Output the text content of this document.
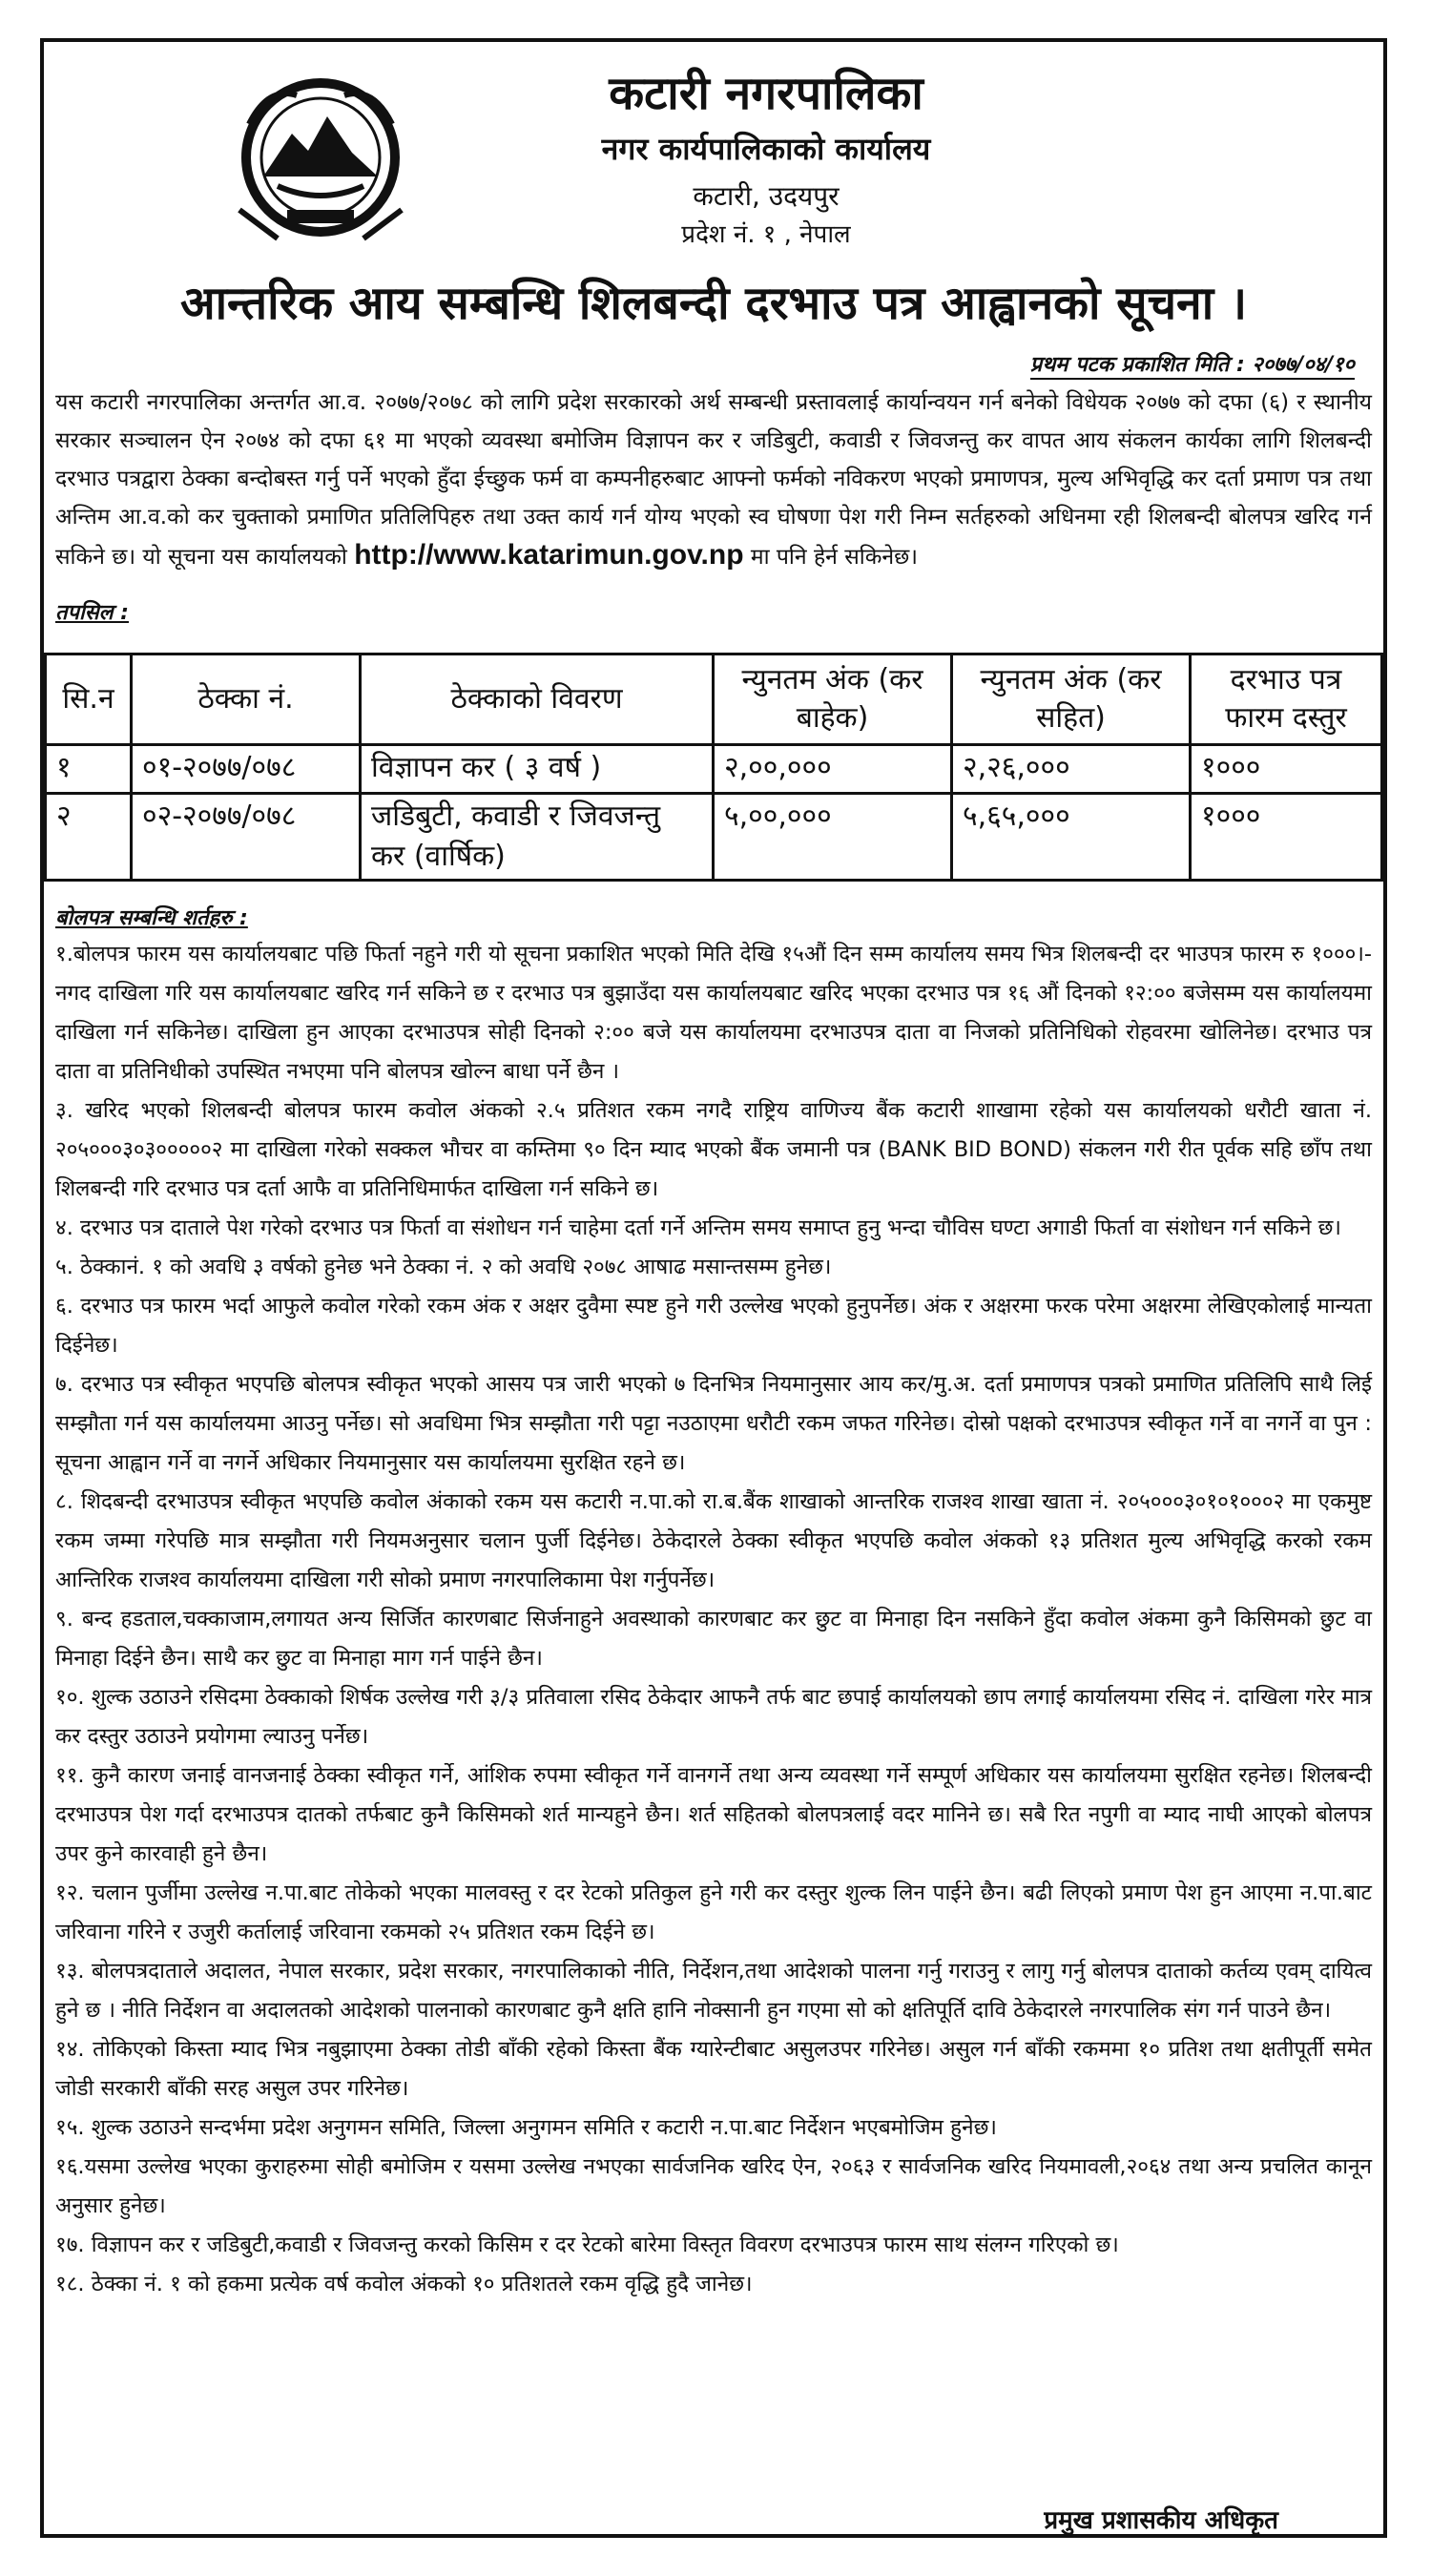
कटारी नगरपालिका
नगर कार्यपालिकाको कार्यालय
कटारी, उदयपुर
प्रदेश नं. १ , नेपाल
आन्तरिक आय सम्बन्धि शिलबन्दी दरभाउ पत्र आह्वानको सूचना ।
प्रथम पटक प्रकाशित मिति : २०७७/०४/१०
यस कटारी नगरपालिका अन्तर्गत आ.व. २०७७/२०७८ को लागि प्रदेश सरकारको अर्थ सम्बन्धी प्रस्तावलाई कार्यान्वयन गर्न बनेको विधेयक २०७७ को दफा (६) र स्थानीय सरकार सञ्चालन ऐन २०७४ को दफा ६१ मा भएको व्यवस्था बमोजिम विज्ञापन कर र जडिबुटी, कवाडी र जिवजन्तु कर वापत आय संकलन कार्यका लागि शिलबन्दी दरभाउ पत्रद्वारा ठेक्का बन्दोबस्त गर्नु पर्ने भएको हुँदा ईच्छुक फर्म वा कम्पनीहरुबाट आफ्नो फर्मको नविकरण भएको प्रमाणपत्र, मुल्य अभिवृद्धि कर दर्ता प्रमाण पत्र तथा अन्तिम आ.व.को कर चुक्ताको प्रमाणित प्रतिलिपिहरु तथा उक्त कार्य गर्न योग्य भएको स्व घोषणा पेश गरी निम्न सर्तहरुको अधिनमा रही शिलबन्दी बोलपत्र खरिद गर्न सकिने छ। यो सूचना यस कार्यालयको http://www.katarimun.gov.np मा पनि हेर्न सकिनेछ।
तपसिल :
सि.न	ठेक्का नं.	ठेक्काको विवरण	न्युनतम अंक (कर बाहेक)	न्युनतम अंक (कर सहित)	दरभाउ पत्र फारम दस्तुर
१	०१-२०७७/०७८	विज्ञापन कर ( ३ वर्ष )	२,००,०००	२,२६,०००	१०००
२	०२-२०७७/०७८	जडिबुटी, कवाडी र जिवजन्तु कर (वार्षिक)	५,००,०००	५,६५,०००	१०००
बोलपत्र सम्बन्धि शर्तहरु :

१.बोलपत्र फारम यस कार्यालयबाट पछि फिर्ता नहुने गरी यो सूचना प्रकाशित भएको मिति देखि १५औं दिन सम्म कार्यालय समय भित्र शिलबन्दी दर भाउपत्र फारम रु १०००।- नगद दाखिला गरि यस कार्यालयबाट खरिद गर्न सकिने छ र दरभाउ पत्र बुझाउँदा यस कार्यालयबाट खरिद भएका दरभाउ पत्र १६ औं दिनको १२:०० बजेसम्म यस कार्यालयमा दाखिला गर्न सकिनेछ। दाखिला हुन आएका दरभाउपत्र सोही दिनको २:०० बजे यस कार्यालयमा दरभाउपत्र दाता वा निजको प्रतिनिधिको रोहवरमा खोलिनेछ। दरभाउ पत्र दाता वा प्रतिनिधीको उपस्थित नभएमा पनि बोलपत्र खोल्न बाधा पर्ने छैन ।

३. खरिद भएको शिलबन्दी बोलपत्र फारम कवोल अंकको २.५ प्रतिशत रकम नगदै राष्ट्रिय वाणिज्य बैंक कटारी शाखामा रहेको यस कार्यालयको धरौटी खाता नं. २०५०००३०३०००००२ मा दाखिला गरेको सक्कल भौचर वा कम्तिमा ९० दिन म्याद भएको बैंक जमानी पत्र (BANK BID BOND) संकलन गरी रीत पूर्वक सहि छाँप तथा शिलबन्दी गरि दरभाउ पत्र दर्ता आफै वा प्रतिनिधिमार्फत दाखिला गर्न सकिने छ।

४. दरभाउ पत्र दाताले पेश गरेको दरभाउ पत्र फिर्ता वा संशोधन गर्न चाहेमा दर्ता गर्ने अन्तिम समय समाप्त हुनु भन्दा चौविस घण्टा अगाडी फिर्ता वा संशोधन गर्न सकिने छ।

५. ठेक्कानं. १ को अवधि ३ वर्षको हुनेछ भने ठेक्का नं. २ को अवधि २०७८ आषाढ मसान्तसम्म हुनेछ।

६. दरभाउ पत्र फारम भर्दा आफुले कवोल गरेको रकम अंक र अक्षर दुवैमा स्पष्ट हुने गरी उल्लेख भएको हुनुपर्नेछ। अंक र अक्षरमा फरक परेमा अक्षरमा लेखिएकोलाई मान्यता दिईनेछ।

७. दरभाउ पत्र स्वीकृत भएपछि बोलपत्र स्वीकृत भएको आसय पत्र जारी भएको ७ दिनभित्र नियमानुसार आय कर/मु.अ. दर्ता प्रमाणपत्र पत्रको प्रमाणित प्रतिलिपि साथै लिई सम्झौता गर्न यस कार्यालयमा आउनु पर्नेछ। सो अवधिमा भित्र सम्झौता गरी पट्टा नउठाएमा धरौटी रकम जफत गरिनेछ। दोस्रो पक्षको दरभाउपत्र स्वीकृत गर्ने वा नगर्ने वा पुन : सूचना आह्वान गर्ने वा नगर्ने अधिकार नियमानुसार यस कार्यालयमा सुरक्षित रहने छ।

८. शिदबन्दी दरभाउपत्र स्वीकृत भएपछि कवोल अंकाको रकम यस कटारी न.पा.को रा.ब.बैंक शाखाको आन्तरिक राजश्व शाखा खाता नं. २०५०००३०१०१०००२ मा एकमुष्ट रकम जम्मा गरेपछि मात्र सम्झौता गरी नियमअनुसार चलान पुर्जी दिईनेछ। ठेकेदारले ठेक्का स्वीकृत भएपछि कवोल अंकको १३ प्रतिशत मुल्य अभिवृद्धि करको रकम आन्तिरिक राजश्व कार्यालयमा दाखिला गरी सोको प्रमाण नगरपालिकामा पेश गर्नुपर्नेछ।

९. बन्द हडताल,चक्काजाम,लगायत अन्य सिर्जित कारणबाट सिर्जनाहुने अवस्थाको कारणबाट कर छुट वा मिनाहा दिन नसकिने हुँदा कवोल अंकमा कुनै किसिमको छुट वा मिनाहा दिईने छैन। साथै कर छुट वा मिनाहा माग गर्न पाईने छैन।

१०. शुल्क उठाउने रसिदमा ठेक्काको शिर्षक उल्लेख गरी ३/३ प्रतिवाला रसिद ठेकेदार आफनै तर्फ बाट छपाई कार्यालयको छाप लगाई कार्यालयमा रसिद नं. दाखिला गरेर मात्र कर दस्तुर उठाउने प्रयोगमा ल्याउनु पर्नेछ।

११. कुनै कारण जनाई वानजनाई ठेक्का स्वीकृत गर्ने, आंशिक रुपमा स्वीकृत गर्ने वानगर्ने तथा अन्य व्यवस्था गर्ने सम्पूर्ण अधिकार यस कार्यालयमा सुरक्षित रहनेछ। शिलबन्दी दरभाउपत्र पेश गर्दा दरभाउपत्र दातको तर्फबाट कुनै किसिमको शर्त मान्यहुने छैन। शर्त सहितको बोलपत्रलाई वदर मानिने छ। सबै रित नपुगी वा म्याद नाघी आएको बोलपत्र उपर कुने कारवाही हुने छैन।

१२. चलान पुर्जीमा उल्लेख न.पा.बाट तोकेको भएका मालवस्तु र दर रेटको प्रतिकुल हुने गरी कर दस्तुर शुल्क लिन पाईने छैन। बढी लिएको प्रमाण पेश हुन आएमा न.पा.बाट जरिवाना गरिने र उजुरी कर्तालाई जरिवाना रकमको २५ प्रतिशत रकम दिईने छ।

१३. बोलपत्रदाताले अदालत, नेपाल सरकार, प्रदेश सरकार, नगरपालिकाको नीति, निर्देशन,तथा आदेशको पालना गर्नु गराउनु र लागु गर्नु बोलपत्र दाताको कर्तव्य एवम् दायित्व हुने छ । नीति निर्देशन वा अदालतको आदेशको पालनाको कारणबाट कुनै क्षति हानि नोक्सानी हुन गएमा सो को क्षतिपूर्ति दावि ठेकेदारले नगरपालिक संग गर्न पाउने छैन।

१४. तोकिएको किस्ता म्याद भित्र नबुझाएमा ठेक्का तोडी बाँकी रहेको किस्ता बैंक ग्यारेन्टीबाट असुलउपर गरिनेछ। असुल गर्न बाँकी रकममा १० प्रतिश तथा क्षतीपूर्ती समेत जोडी सरकारी बाँकी सरह असुल उपर गरिनेछ।

१५. शुल्क उठाउने सन्दर्भमा प्रदेश अनुगमन समिति, जिल्ला अनुगमन समिति र कटारी न.पा.बाट निर्देशन भएबमोजिम हुनेछ।

१६.यसमा उल्लेख भएका कुराहरुमा सोही बमोजिम र यसमा उल्लेख नभएका सार्वजनिक खरिद ऐन, २०६३ र सार्वजनिक खरिद नियमावली,२०६४ तथा अन्य प्रचलित कानून अनुसार हुनेछ।

१७. विज्ञापन कर र जडिबुटी,कवाडी र जिवजन्तु करको किसिम र दर रेटको बारेमा विस्तृत विवरण दरभाउपत्र फारम साथ संलग्न गरिएको छ।

१८. ठेक्का नं. १ को हकमा प्रत्येक वर्ष कवोल अंकको १० प्रतिशतले रकम वृद्धि हुदै जानेछ।

प्रमुख प्रशासकीय अधिकृत
